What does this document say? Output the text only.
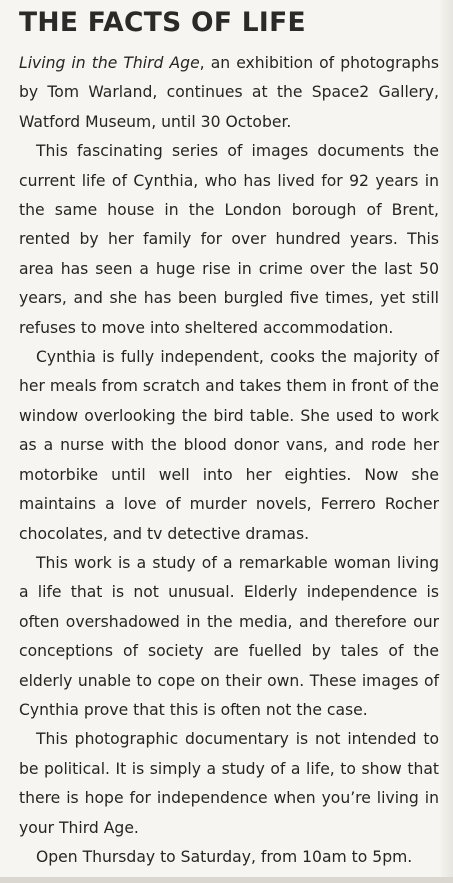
THE FACTS OF LIFE

Living in the Third Age, an exhibition of photographs by Tom Warland, continues at the Space2 Gallery, Watford Museum, until 30 October.

This fascinating series of images documents the current life of Cynthia, who has lived for 92 years in the same house in the London borough of Brent, rented by her family for over hundred years. This area has seen a huge rise in crime over the last 50 years, and she has been burgled five times, yet still refuses to move into sheltered accommodation.

Cynthia is fully independent, cooks the majority of her meals from scratch and takes them in front of the window overlooking the bird table. She used to work as a nurse with the blood donor vans, and rode her motorbike until well into her eighties. Now she maintains a love of murder novels, Ferrero Rocher chocolates, and tv detective dramas.

This work is a study of a remarkable woman living a life that is not unusual. Elderly independence is often overshadowed in the media, and therefore our conceptions of society are fuelled by tales of the elderly unable to cope on their own. These images of Cynthia prove that this is often not the case.

This photographic documentary is not intended to be political. It is simply a study of a life, to show that there is hope for independence when you’re living in your Third Age.

Open Thursday to Saturday, from 10am to 5pm.
